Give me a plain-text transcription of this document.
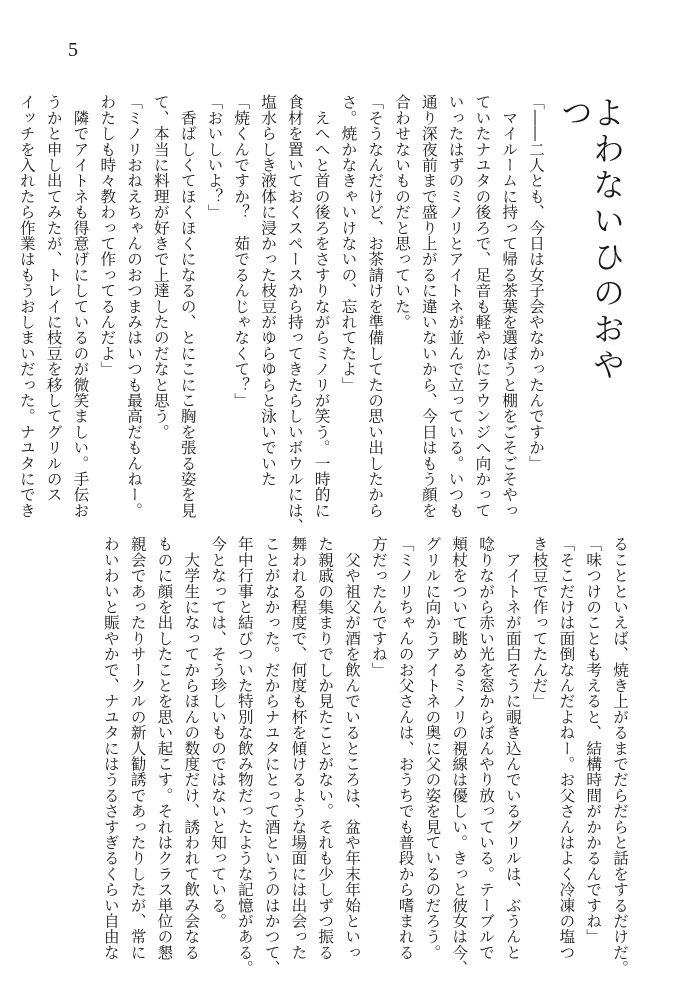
5
よわないひのおやつ
「――二人とも、今日は女子会やなかったんですか」
　マイルームに持って帰る茶葉を選ぼうと棚をごそごそやっ
ていたナユタの後ろで、足音も軽やかにラウンジへ向かって
いったはずのミノリとアイトネが並んで立っている。いつも
通り深夜前まで盛り上がるに違いないから、今日はもう顔を
合わせないものだと思っていた。
「そうなんだけど、お茶請けを準備してたの思い出したから
さ。焼かなきゃいけないの、忘れてたよ」
　えへへと首の後ろをさすりながらミノリが笑う。一時的に
食材を置いておくスペースから持ってきたらしいボウルには、
塩水らしき液体に浸かった枝豆がゆらゆらと泳いでいた
「焼くんですか？　茹でるんじゃなくて？」
「おいしいよ？」
　香ばしくてほくほくになるの、とにこにこ胸を張る姿を見
て、本当に料理が好きで上達したのだなと思う。
「ミノリおねえちゃんのおつまみはいつも最高だもんねー。
わたしも時々教わって作ってるんだよ」
　隣でアイトネも得意げにしているのが微笑ましい。手伝お
うかと申し出てみたが、トレイに枝豆を移してグリルのス
イッチを入れたら作業はもうおしまいだった。ナユタにでき
ることといえば、焼き上がるまでだらだらと話をするだけだ。
「味つけのことも考えると、結構時間がかかるんですね」
「そこだけは面倒なんだよねー。お父さんはよく冷凍の塩つ
き枝豆で作ってたんだ」
　アイトネが面白そうに覗き込んでいるグリルは、ぶうんと
唸りながら赤い光を窓からぼんやり放っている。テーブルで
頬杖をついて眺めるミノリの視線は優しい。きっと彼女は今、
グリルに向かうアイトネの奥に父の姿を見ているのだろう。
「ミノリちゃんのお父さんは、おうちでも普段から嗜まれる
方だったんですね」
　父や祖父が酒を飲んでいるところは、盆や年末年始といっ
た親戚の集まりでしか見たことがない。それも少しずつ振る
舞われる程度で、何度も杯を傾けるような場面には出会った
ことがなかった。だからナユタにとって酒というのはかつて、
年中行事と結びついた特別な飲み物だったような記憶がある。
今となっては、そう珍しいものではないと知っている。
　大学生になってからほんの数度だけ、誘われて飲み会なる
ものに顔を出したことを思い起こす。それはクラス単位の懇
親会であったりサークルの新人勧誘であったりしたが、常に
わいわいと賑やかで、ナユタにはうるさすぎるくらい自由な
